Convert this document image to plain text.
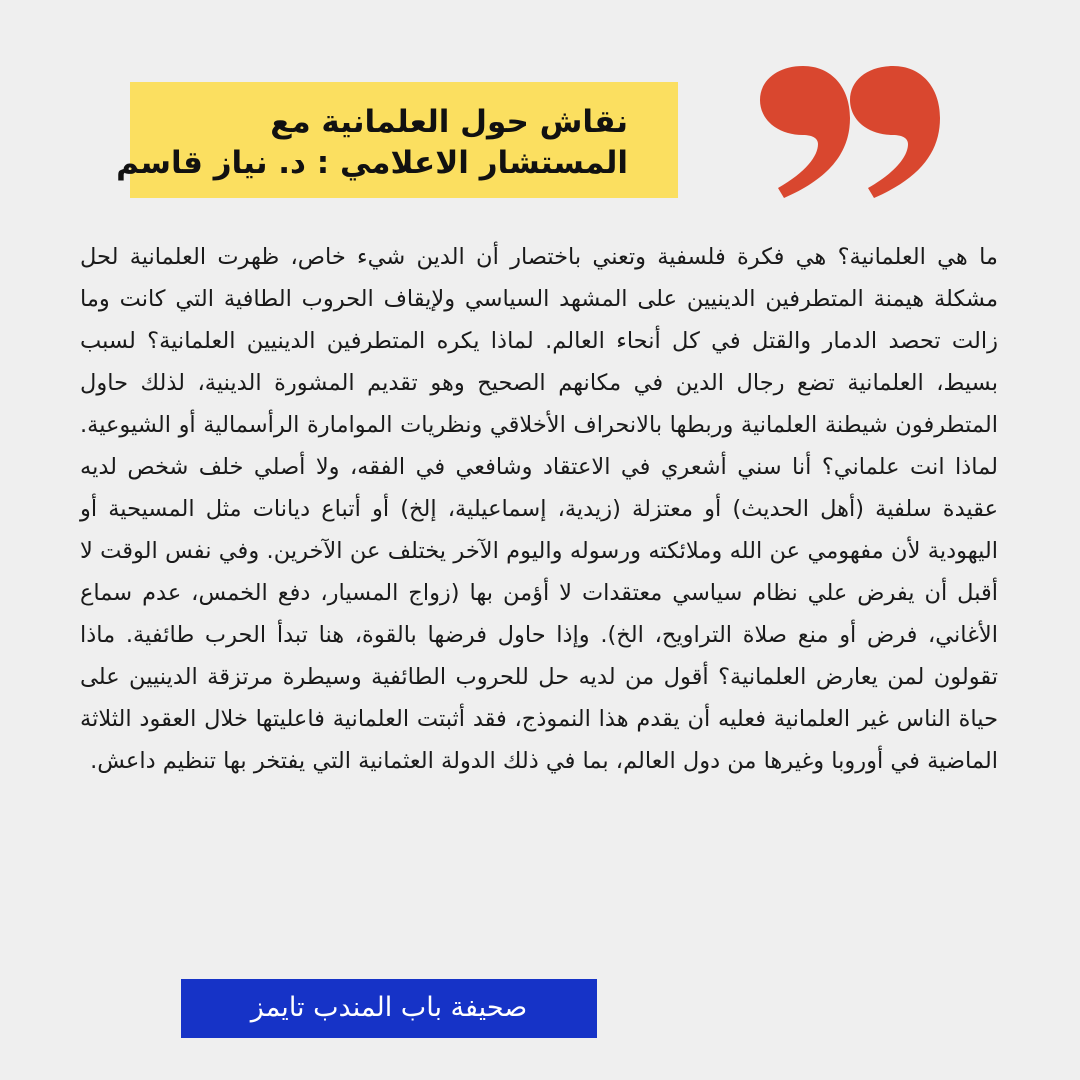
نقاش حول العلمانية مع
المستشار الاعلامي : د. نياز قاسم

ما هي العلمانية؟ هي فكرة فلسفية وتعني باختصار أن الدين شيء خاص، ظهرت العلمانية لحل مشكلة هيمنة المتطرفين الدينيين على المشهد السياسي ولإيقاف الحروب الطافية التي كانت وما زالت تحصد الدمار والقتل في كل أنحاء العالم. لماذا يكره المتطرفين الدينيين العلمانية؟ لسبب بسيط، العلمانية تضع رجال الدين في مكانهم الصحيح وهو تقديم المشورة الدينية، لذلك حاول المتطرفون شيطنة العلمانية وربطها بالانحراف الأخلاقي ونظريات الموامارة الرأسمالية أو الشيوعية. لماذا انت علماني؟ أنا سني أشعري في الاعتقاد وشافعي في الفقه، ولا أصلي خلف شخص لديه عقيدة سلفية (أهل الحديث) أو معتزلة (زيدية، إسماعيلية، إلخ) أو أتباع ديانات مثل المسيحية أو اليهودية لأن مفهومي عن الله وملائكته ورسوله واليوم الآخر يختلف عن الآخرين. وفي نفس الوقت لا أقبل أن يفرض علي نظام سياسي معتقدات لا أؤمن بها (زواج المسيار، دفع الخمس، عدم سماع الأغاني، فرض أو منع صلاة التراويح، الخ). وإذا حاول فرضها بالقوة، هنا تبدأ الحرب طائفية. ماذا تقولون لمن يعارض العلمانية؟ أقول من لديه حل للحروب الطائفية وسيطرة مرتزقة الدينيين على حياة الناس غير العلمانية فعليه أن يقدم هذا النموذج، فقد أثبتت العلمانية فاعليتها خلال العقود الثلاثة الماضية في أوروبا وغيرها من دول العالم، بما في ذلك الدولة العثمانية التي يفتخر بها تنظيم داعش.

صحيفة باب المندب تايمز
